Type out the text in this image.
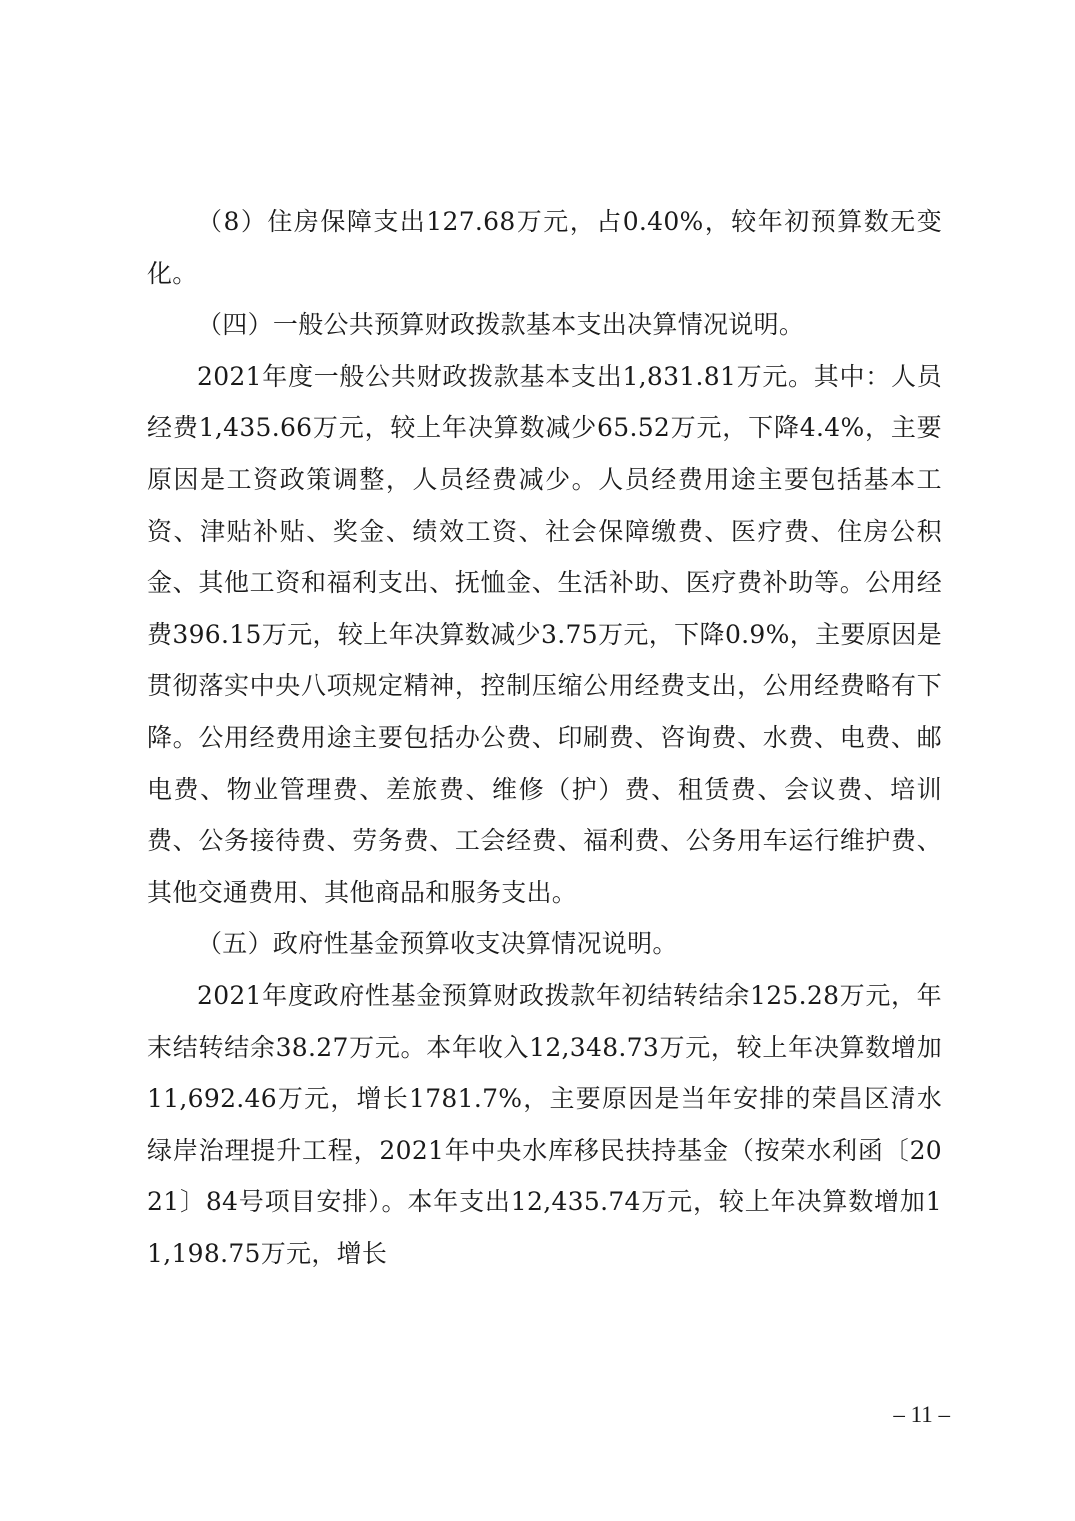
（8）住房保障支出127.68万元，占0.40%，较年初预算数无变化。

（四）一般公共预算财政拨款基本支出决算情况说明。

2021年度一般公共财政拨款基本支出1,831.81万元。其中：人员经费1,435.66万元，较上年决算数减少65.52万元，下降4.4%，主要原因是工资政策调整，人员经费减少。人员经费用途主要包括基本工资、津贴补贴、奖金、绩效工资、社会保障缴费、医疗费、住房公积金、其他工资和福利支出、抚恤金、生活补助、医疗费补助等。公用经费396.15万元，较上年决算数减少3.75万元，下降0.9%，主要原因是贯彻落实中央八项规定精神，控制压缩公用经费支出，公用经费略有下降。公用经费用途主要包括办公费、印刷费、咨询费、水费、电费、邮电费、物业管理费、差旅费、维修（护）费、租赁费、会议费、培训费、公务接待费、劳务费、工会经费、福利费、公务用车运行维护费、其他交通费用、其他商品和服务支出。

（五）政府性基金预算收支决算情况说明。

2021年度政府性基金预算财政拨款年初结转结余125.28万元，年末结转结余38.27万元。本年收入12,348.73万元，较上年决算数增加11,692.46万元，增长1781.7%，主要原因是当年安排的荣昌区清水绿岸治理提升工程，2021年中央水库移民扶持基金（按荣水利函〔2021〕84号项目安排）。本年支出12,435.74万元，较上年决算数增加11,198.75万元，增长

– 11 –
